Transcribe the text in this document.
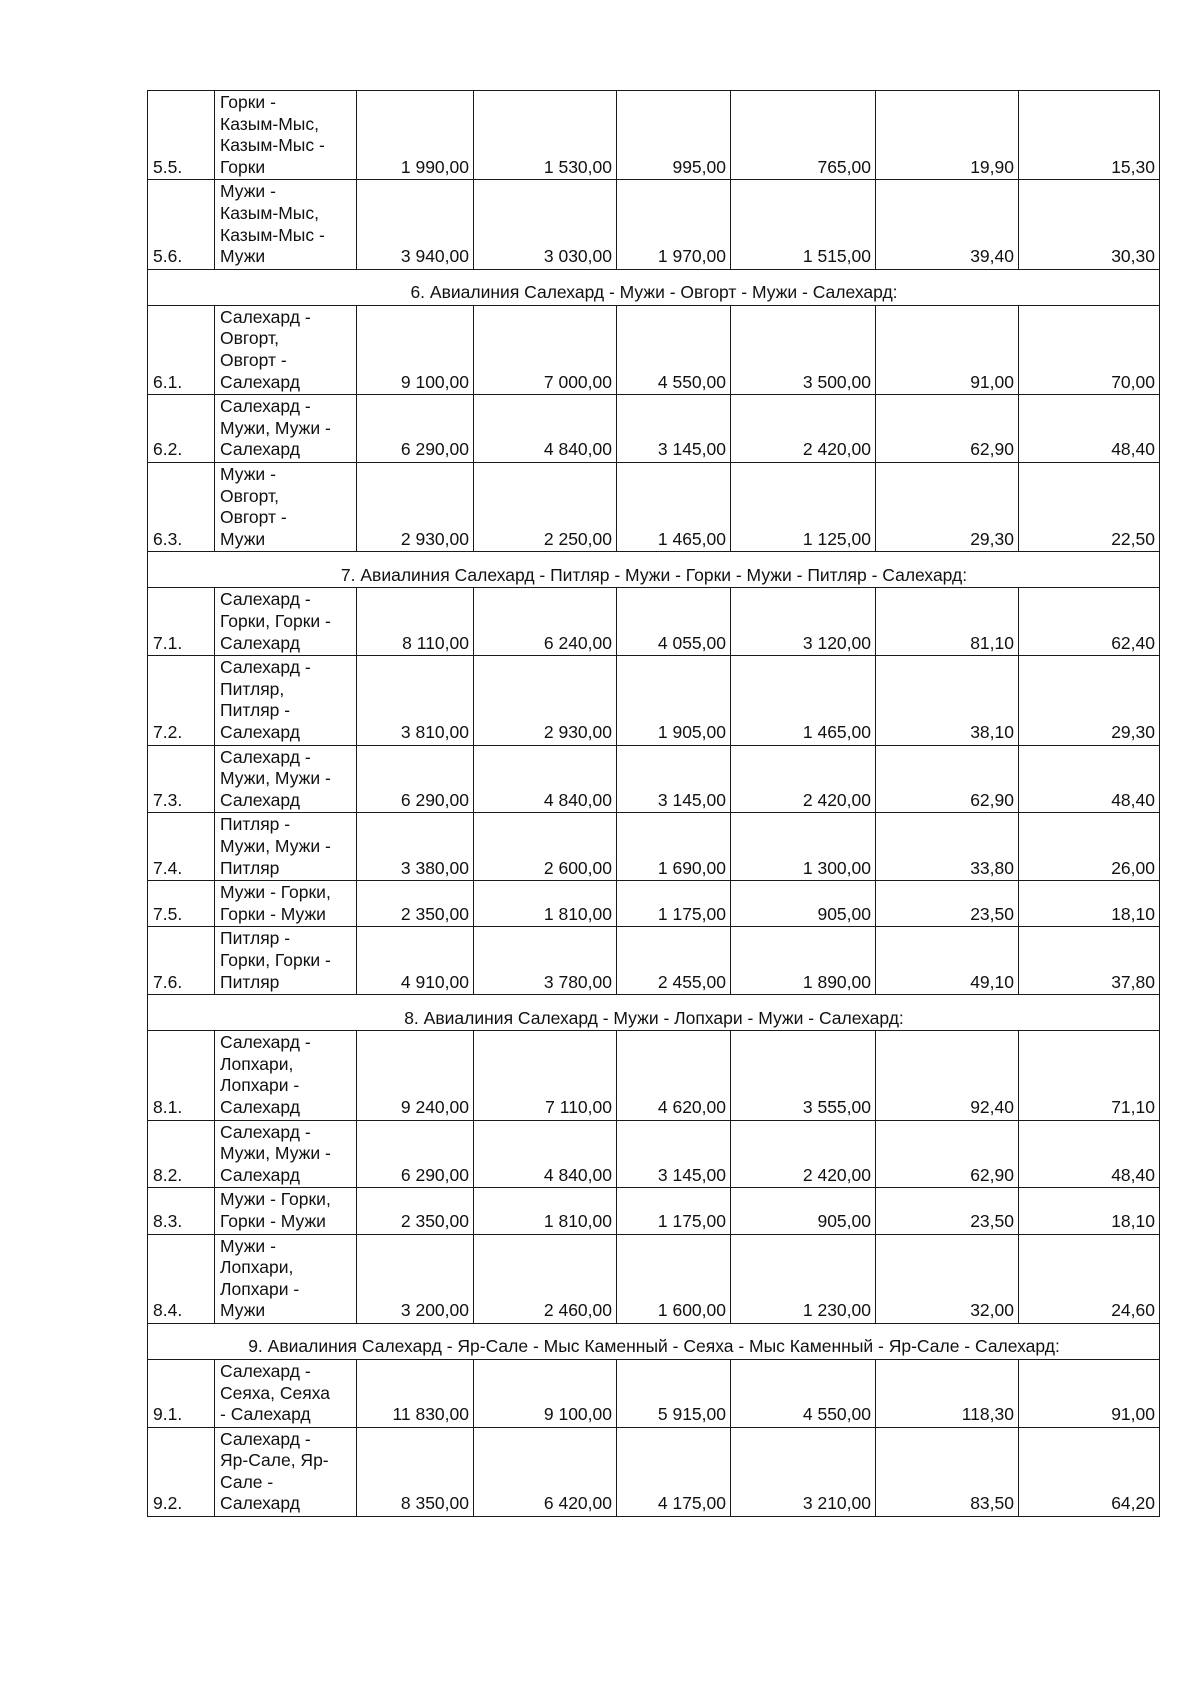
5.5.	Горки -
Казым-Мыс,
Казым-Мыс -
Горки	1 990,00	1 530,00	995,00	765,00	19,90	15,30
5.6.	Мужи -
Казым-Мыс,
Казым-Мыс -
Мужи	3 940,00	3 030,00	1 970,00	1 515,00	39,40	30,30
6. Авиалиния Салехард - Мужи - Овгорт - Мужи - Салехард:							
6.1.	Салехард -
Овгорт,
Овгорт -
Салехард	9 100,00	7 000,00	4 550,00	3 500,00	91,00	70,00
6.2.	Салехард -
Мужи, Мужи -
Салехард	6 290,00	4 840,00	3 145,00	2 420,00	62,90	48,40
6.3.	Мужи -
Овгорт,
Овгорт -
Мужи	2 930,00	2 250,00	1 465,00	1 125,00	29,30	22,50
7. Авиалиния Салехард - Питляр - Мужи - Горки - Мужи - Питляр - Салехард:							
7.1.	Салехард -
Горки, Горки -
Салехард	8 110,00	6 240,00	4 055,00	3 120,00	81,10	62,40
7.2.	Салехард -
Питляр,
Питляр -
Салехард	3 810,00	2 930,00	1 905,00	1 465,00	38,10	29,30
7.3.	Салехард -
Мужи, Мужи -
Салехард	6 290,00	4 840,00	3 145,00	2 420,00	62,90	48,40
7.4.	Питляр -
Мужи, Мужи -
Питляр	3 380,00	2 600,00	1 690,00	1 300,00	33,80	26,00
7.5.	Мужи - Горки,
Горки - Мужи	2 350,00	1 810,00	1 175,00	905,00	23,50	18,10
7.6.	Питляр -
Горки, Горки -
Питляр	4 910,00	3 780,00	2 455,00	1 890,00	49,10	37,80
8. Авиалиния Салехард - Мужи - Лопхари - Мужи - Салехард:							
8.1.	Салехард -
Лопхари,
Лопхари -
Салехард	9 240,00	7 110,00	4 620,00	3 555,00	92,40	71,10
8.2.	Салехард -
Мужи, Мужи -
Салехард	6 290,00	4 840,00	3 145,00	2 420,00	62,90	48,40
8.3.	Мужи - Горки,
Горки - Мужи	2 350,00	1 810,00	1 175,00	905,00	23,50	18,10
8.4.	Мужи -
Лопхари,
Лопхари -
Мужи	3 200,00	2 460,00	1 600,00	1 230,00	32,00	24,60
9. Авиалиния Салехард - Яр-Сале - Мыс Каменный - Сеяха - Мыс Каменный - Яр-Сале - Салехард:							
9.1.	Салехард -
Сеяха, Сеяха
- Салехард	11 830,00	9 100,00	5 915,00	4 550,00	118,30	91,00
9.2.	Салехард -
Яр-Сале, Яр-
Сале -
Салехард	8 350,00	6 420,00	4 175,00	3 210,00	83,50	64,20
